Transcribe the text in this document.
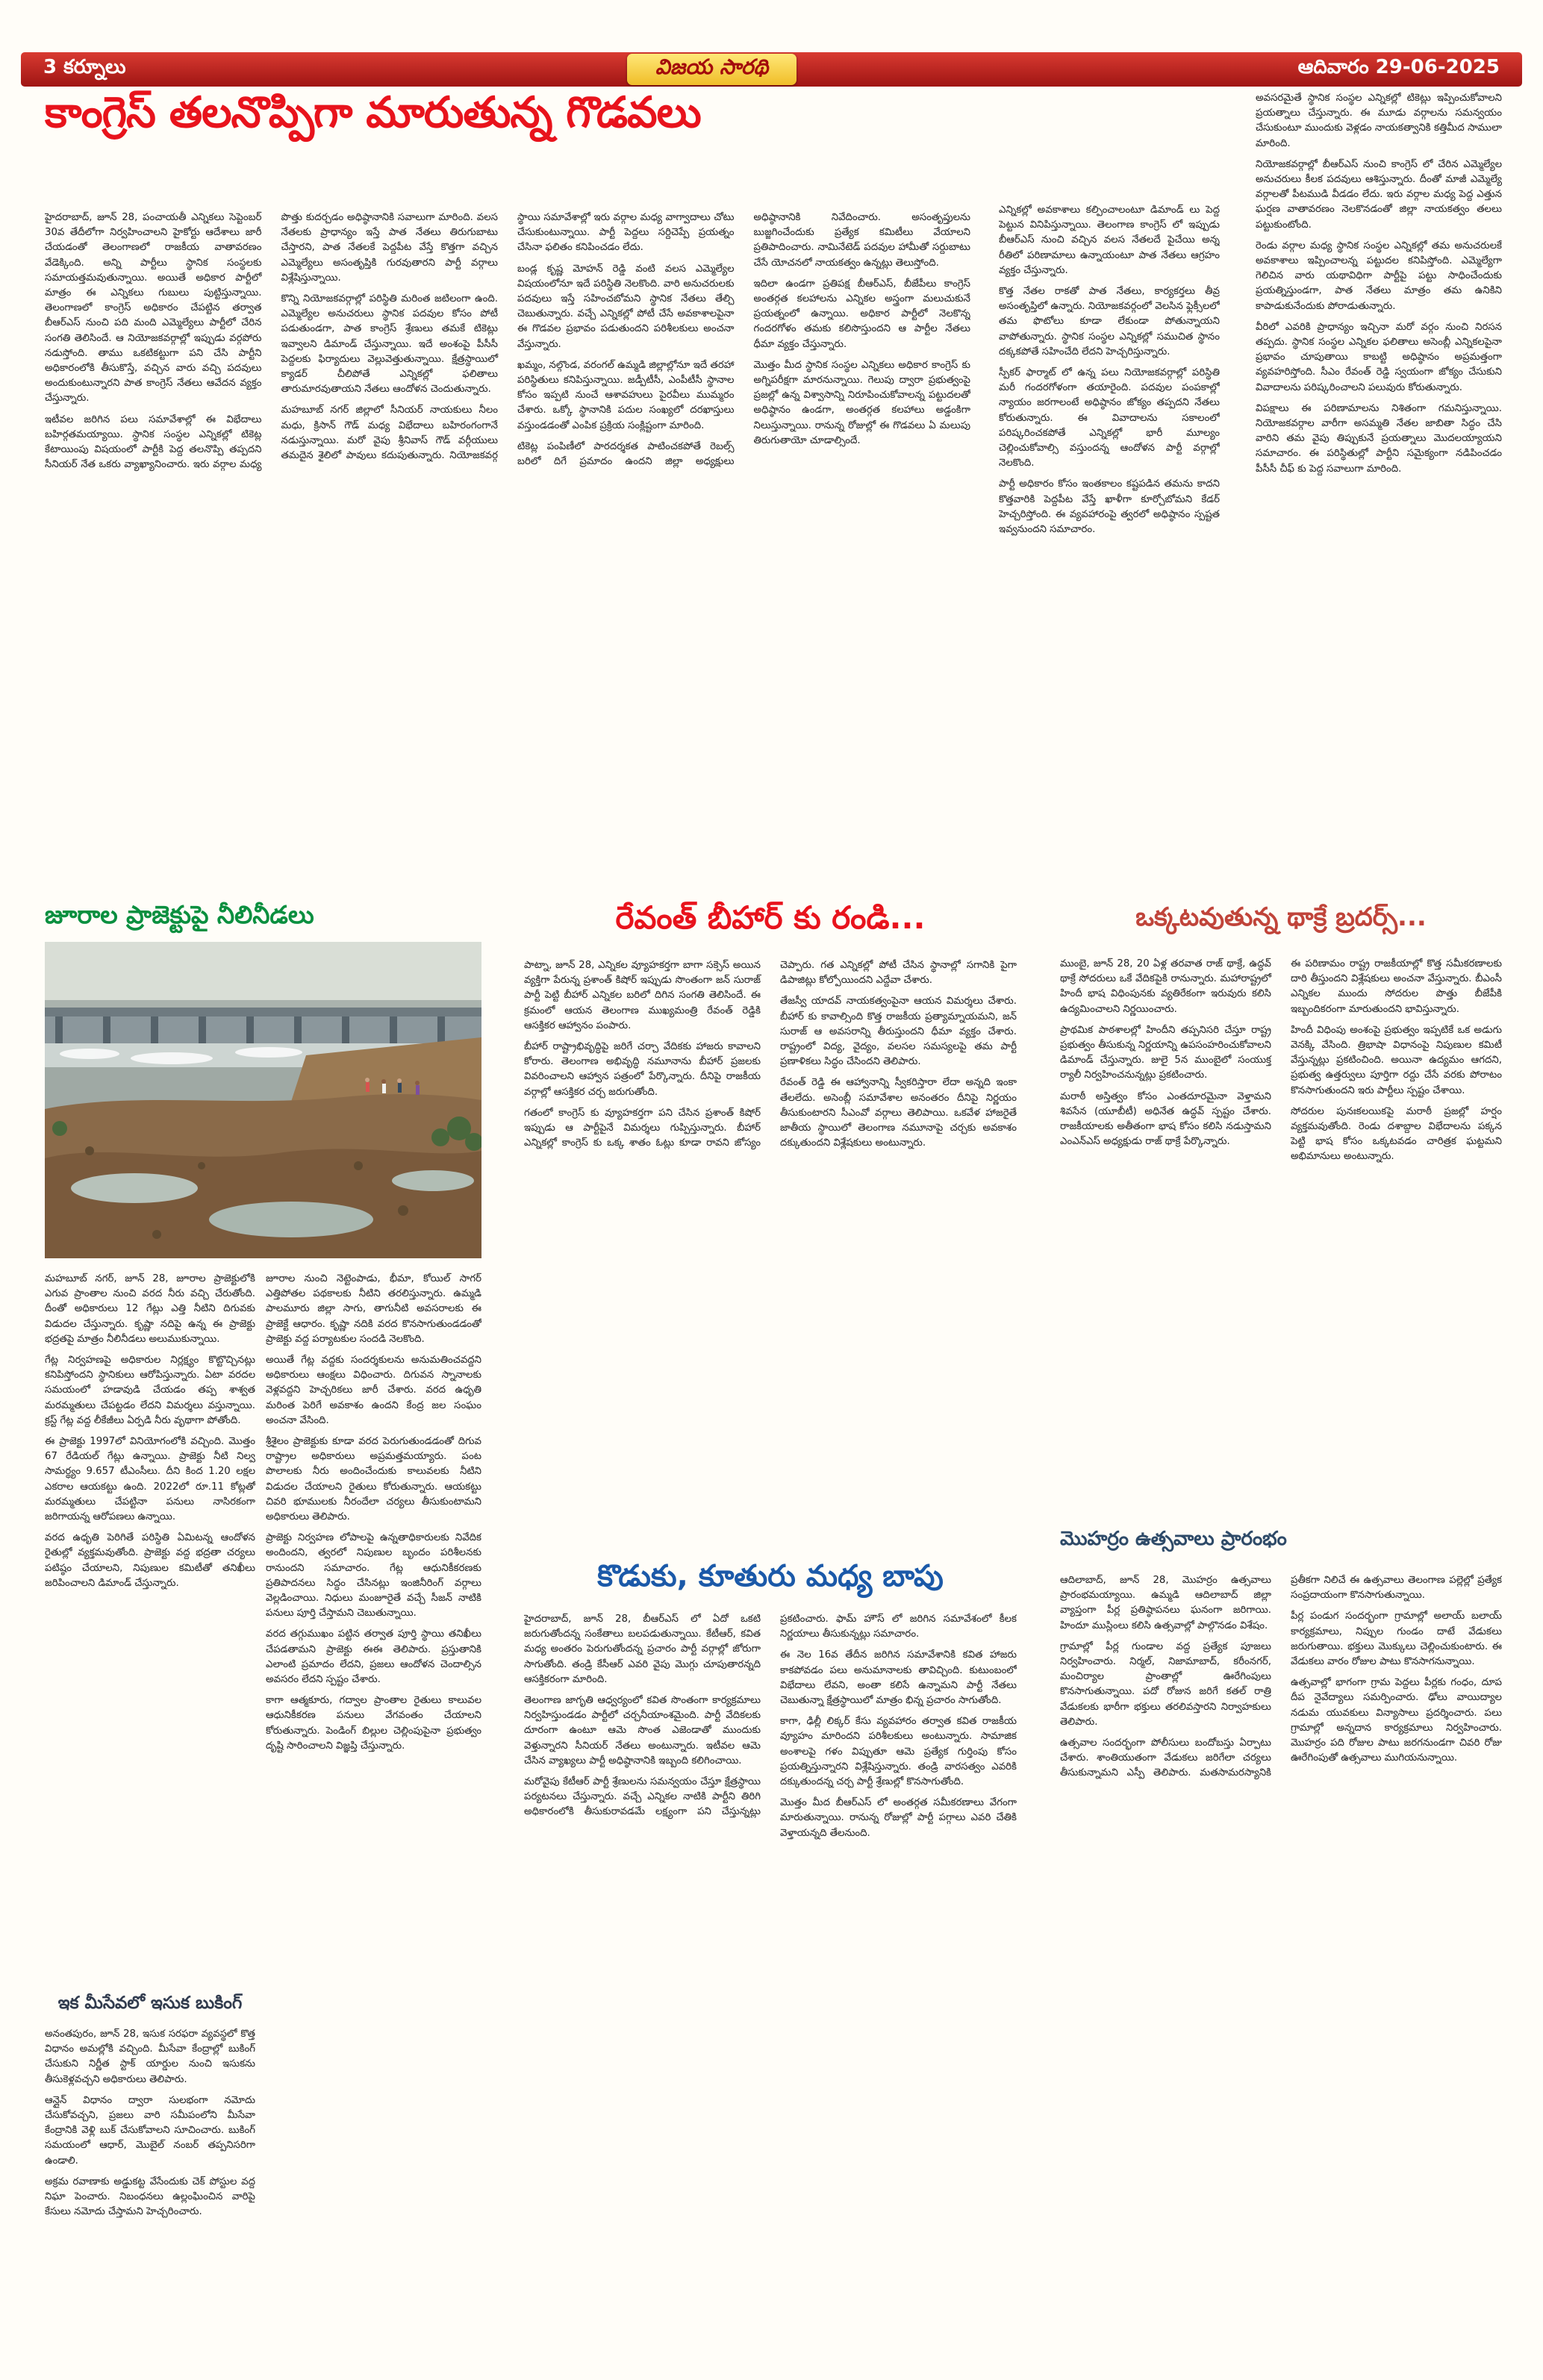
3 కర్నూలు	విజయ సారథి	ఆదివారం 29-06-2025
కాంగ్రెస్ తలనొప్పిగా మారుతున్న గొడవలు

హైదరాబాద్, జూన్ 28, పంచాయతీ ఎన్నికలు సెప్టెంబర్ 30వ తేదీలోగా నిర్వహించాలని హైకోర్టు ఆదేశాలు జారీ చేయడంతో తెలంగాణలో రాజకీయ వాతావరణం వేడెక్కింది. అన్ని పార్టీలు స్థానిక సంస్థలకు సమాయత్తమవుతున్నాయి. అయితే అధికార పార్టీలో మాత్రం ఈ ఎన్నికలు గుబులు పుట్టిస్తున్నాయి. తెలంగాణలో కాంగ్రెస్ అధికారం చేపట్టిన తర్వాత బీఆర్ఎస్ నుంచి పది మంది ఎమ్మెల్యేలు పార్టీలో చేరిన సంగతి తెలిసిందే. ఆ నియోజకవర్గాల్లో ఇప్పుడు వర్గపోరు నడుస్తోంది. తాము ఒకటికట్టుగా పని చేసి పార్టీని అధికారంలోకి తీసుకొస్తే, వచ్చిన వారు వచ్చి పదవులు అందుకుంటున్నారని పాత కాంగ్రెస్ నేతలు ఆవేదన వ్యక్తం చేస్తున్నారు.

ఇటీవల జరిగిన పలు సమావేశాల్లో ఈ విభేదాలు బహిర్గతమయ్యాయి. స్థానిక సంస్థల ఎన్నికల్లో టికెట్ల కేటాయింపు విషయంలో పార్టీకి పెద్ద తలనొప్పి తప్పదని సీనియర్ నేత ఒకరు వ్యాఖ్యానించారు. ఇరు వర్గాల మధ్య పొత్తు కుదర్చడం అధిష్ఠానానికి సవాలుగా మారింది. వలస నేతలకు ప్రాధాన్యం ఇస్తే పాత నేతలు తిరుగుబాటు చేస్తారని, పాత నేతలకే పెద్దపీట వేస్తే కొత్తగా వచ్చిన ఎమ్మెల్యేలు అసంతృప్తికి గురవుతారని పార్టీ వర్గాలు విశ్లేషిస్తున్నాయి.

కొన్ని నియోజకవర్గాల్లో పరిస్థితి మరింత జటిలంగా ఉంది. ఎమ్మెల్యేల అనుచరులు స్థానిక పదవుల కోసం పోటీ పడుతుండగా, పాత కాంగ్రెస్ శ్రేణులు తమకే టికెట్లు ఇవ్వాలని డిమాండ్ చేస్తున్నాయి. ఇదే అంశంపై పీసీసీ పెద్దలకు ఫిర్యాదులు వెల్లువెత్తుతున్నాయి. క్షేత్రస్థాయిలో క్యాడర్ చీలిపోతే ఎన్నికల్లో ఫలితాలు తారుమారవుతాయని నేతలు ఆందోళన చెందుతున్నారు.

మహబూబ్ నగర్ జిల్లాలో సీనియర్ నాయకులు నీలం మధు, క్రిసాన్ గౌడ్ మధ్య విభేదాలు బహిరంగంగానే నడుస్తున్నాయి. మరో వైపు శ్రీనివాస్ గౌడ్ వర్గీయులు తమదైన శైలిలో పావులు కదుపుతున్నారు. నియోజకవర్గ స్థాయి సమావేశాల్లో ఇరు వర్గాల మధ్య వాగ్వాదాలు చోటు చేసుకుంటున్నాయి. పార్టీ పెద్దలు సర్దిచెప్పే ప్రయత్నం చేసినా ఫలితం కనిపించడం లేదు.

బండ్ల కృష్ణ మోహన్ రెడ్డి వంటి వలస ఎమ్మెల్యేల విషయంలోనూ ఇదే పరిస్థితి నెలకొంది. వారి అనుచరులకు పదవులు ఇస్తే సహించబోమని స్థానిక నేతలు తేల్చి చెబుతున్నారు. వచ్చే ఎన్నికల్లో పోటీ చేసే అవకాశాలపైనా ఈ గొడవల ప్రభావం పడుతుందని పరిశీలకులు అంచనా వేస్తున్నారు.

ఖమ్మం, నల్గొండ, వరంగల్ ఉమ్మడి జిల్లాల్లోనూ ఇదే తరహా పరిస్థితులు కనిపిస్తున్నాయి. జడ్పీటీసీ, ఎంపీటీసీ స్థానాల కోసం ఇప్పటి నుంచే ఆశావహులు పైరవీలు ముమ్మరం చేశారు. ఒక్కో స్థానానికి పదుల సంఖ్యలో దరఖాస్తులు వస్తుండడంతో ఎంపిక ప్రక్రియ సంక్లిష్టంగా మారింది.

టికెట్ల పంపిణీలో పారదర్శకత పాటించకపోతే రెబల్స్ బరిలో దిగే ప్రమాదం ఉందని జిల్లా అధ్యక్షులు అధిష్ఠానానికి నివేదించారు. అసంతృప్తులను బుజ్జగించేందుకు ప్రత్యేక కమిటీలు వేయాలని ప్రతిపాదించారు. నామినేటెడ్ పదవుల హామీతో సర్దుబాటు చేసే యోచనలో నాయకత్వం ఉన్నట్లు తెలుస్తోంది.

ఇదిలా ఉండగా ప్రతిపక్ష బీఆర్ఎస్, బీజేపీలు కాంగ్రెస్ అంతర్గత కలహాలను ఎన్నికల అస్త్రంగా మలుచుకునే ప్రయత్నంలో ఉన్నాయి. అధికార పార్టీలో నెలకొన్న గందరగోళం తమకు కలిసొస్తుందని ఆ పార్టీల నేతలు ధీమా వ్యక్తం చేస్తున్నారు.

మొత్తం మీద స్థానిక సంస్థల ఎన్నికలు అధికార కాంగ్రెస్ కు అగ్నిపరీక్షగా మారనున్నాయి. గెలుపు ద్వారా ప్రభుత్వంపై ప్రజల్లో ఉన్న విశ్వాసాన్ని నిరూపించుకోవాలన్న పట్టుదలతో అధిష్ఠానం ఉండగా, అంతర్గత కలహాలు అడ్డంకిగా నిలుస్తున్నాయి. రానున్న రోజుల్లో ఈ గొడవలు ఏ మలుపు తిరుగుతాయో చూడాల్సిందే.

ఎన్నికల్లో అవకాశాలు కల్పించాలంటూ డిమాండ్ లు పెద్ద పెట్టున వినిపిస్తున్నాయి. తెలంగాణ కాంగ్రెస్ లో ఇప్పుడు బీఆర్ఎస్ నుంచి వచ్చిన వలస నేతలదే పైచేయి అన్న రీతిలో పరిణామాలు ఉన్నాయంటూ పాత నేతలు ఆగ్రహం వ్యక్తం చేస్తున్నారు.

కొత్త నేతల రాకతో పాత నేతలు, కార్యకర్తలు తీవ్ర అసంతృప్తిలో ఉన్నారు. నియోజకవర్గంలో వెలసిన ఫ్లెక్సీలలో తమ ఫొటోలు కూడా లేకుండా పోతున్నాయని వాపోతున్నారు. స్థానిక సంస్థల ఎన్నికల్లో సముచిత స్థానం దక్కకపోతే సహించేది లేదని హెచ్చరిస్తున్నారు.

స్పీకర్ ఫార్మాట్ లో ఉన్న పలు నియోజకవర్గాల్లో పరిస్థితి మరీ గందరగోళంగా తయారైంది. పదవుల పంపకాల్లో న్యాయం జరగాలంటే అధిష్ఠానం జోక్యం తప్పదని నేతలు కోరుతున్నారు. ఈ వివాదాలను సకాలంలో పరిష్కరించకపోతే ఎన్నికల్లో భారీ మూల్యం చెల్లించుకోవాల్సి వస్తుందన్న ఆందోళన పార్టీ వర్గాల్లో నెలకొంది.

పార్టీ అధికారం కోసం ఇంతకాలం కష్టపడిన తమను కాదని కొత్తవారికి పెద్దపీట వేస్తే ఖాళీగా కూర్చోబోమని కేడర్ హెచ్చరిస్తోంది. ఈ వ్యవహారంపై త్వరలో అధిష్ఠానం స్పష్టత ఇవ్వనుందని సమాచారం.

అవసరమైతే స్థానిక సంస్థల ఎన్నికల్లో టికెట్లు ఇప్పించుకోవాలని ప్రయత్నాలు చేస్తున్నారు. ఈ మూడు వర్గాలను సమన్వయం చేసుకుంటూ ముందుకు వెళ్లడం నాయకత్వానికి కత్తిమీద సాములా మారింది.

నియోజకవర్గాల్లో బీఆర్ఎస్ నుంచి కాంగ్రెస్ లో చేరిన ఎమ్మెల్యేల అనుచరులు కీలక పదవులు ఆశిస్తున్నారు. దీంతో మాజీ ఎమ్మెల్యే వర్గాలతో పీటముడి వీడడం లేదు. ఇరు వర్గాల మధ్య పెద్ద ఎత్తున ఘర్షణ వాతావరణం నెలకొనడంతో జిల్లా నాయకత్వం తలలు పట్టుకుంటోంది.

రెండు వర్గాల మధ్య స్థానిక సంస్థల ఎన్నికల్లో తమ అనుచరులకే అవకాశాలు ఇప్పించాలన్న పట్టుదల కనిపిస్తోంది. ఎమ్మెల్యేగా గెలిచిన వారు యథావిధిగా పార్టీపై పట్టు సాధించేందుకు ప్రయత్నిస్తుండగా, పాత నేతలు మాత్రం తమ ఉనికిని కాపాడుకునేందుకు పోరాడుతున్నారు.

వీరిలో ఎవరికి ప్రాధాన్యం ఇచ్చినా మరో వర్గం నుంచి నిరసన తప్పదు. స్థానిక సంస్థల ఎన్నికల ఫలితాలు అసెంబ్లీ ఎన్నికలపైనా ప్రభావం చూపుతాయి కాబట్టి అధిష్ఠానం అప్రమత్తంగా వ్యవహరిస్తోంది. సీఎం రేవంత్ రెడ్డి స్వయంగా జోక్యం చేసుకుని వివాదాలను పరిష్కరించాలని పలువురు కోరుతున్నారు.

విపక్షాలు ఈ పరిణామాలను నిశితంగా గమనిస్తున్నాయి. నియోజకవర్గాల వారీగా అసమ్మతి నేతల జాబితా సిద్ధం చేసి వారిని తమ వైపు తిప్పుకునే ప్రయత్నాలు మొదలయ్యాయని సమాచారం. ఈ పరిస్థితుల్లో పార్టీని సమైక్యంగా నడిపించడం పీసీసీ చీఫ్ కు పెద్ద సవాలుగా మారింది.

జూరాల ప్రాజెక్టుపై నీలినీడలు

మహబూబ్ నగర్, జూన్ 28, జూరాల ప్రాజెక్టులోకి ఎగువ ప్రాంతాల నుంచి వరద నీరు వచ్చి చేరుతోంది. దీంతో అధికారులు 12 గేట్లు ఎత్తి నీటిని దిగువకు విడుదల చేస్తున్నారు. కృష్ణా నదిపై ఉన్న ఈ ప్రాజెక్టు భద్రతపై మాత్రం నీలినీడలు అలుముకున్నాయి.

గేట్ల నిర్వహణపై అధికారుల నిర్లక్ష్యం కొట్టొచ్చినట్లు కనిపిస్తోందని స్థానికులు ఆరోపిస్తున్నారు. ఏటా వరదల సమయంలో హడావుడి చేయడం తప్ప శాశ్వత మరమ్మతులు చేపట్టడం లేదని విమర్శలు వస్తున్నాయి. క్రస్ట్ గేట్ల వద్ద లీకేజీలు ఏర్పడి నీరు వృథాగా పోతోంది.

ఈ ప్రాజెక్టు 1997లో వినియోగంలోకి వచ్చింది. మొత్తం 67 రేడియల్ గేట్లు ఉన్నాయి. ప్రాజెక్టు నీటి నిల్వ సామర్థ్యం 9.657 టీఎంసీలు. దీని కింద 1.20 లక్షల ఎకరాల ఆయకట్టు ఉంది. 2022లో రూ.11 కోట్లతో మరమ్మతులు చేపట్టినా పనులు నాసిరకంగా జరిగాయన్న ఆరోపణలు ఉన్నాయి.

వరద ఉధృతి పెరిగితే పరిస్థితి ఏమిటన్న ఆందోళన రైతుల్లో వ్యక్తమవుతోంది. ప్రాజెక్టు వద్ద భద్రతా చర్యలు పటిష్ఠం చేయాలని, నిపుణుల కమిటీతో తనిఖీలు జరిపించాలని డిమాండ్ చేస్తున్నారు.

జూరాల నుంచి నెట్టెంపాడు, భీమా, కోయిల్ సాగర్ ఎత్తిపోతల పథకాలకు నీటిని తరలిస్తున్నారు. ఉమ్మడి పాలమూరు జిల్లా సాగు, తాగునీటి అవసరాలకు ఈ ప్రాజెక్టే ఆధారం. కృష్ణా నదికి వరద కొనసాగుతుండడంతో ప్రాజెక్టు వద్ద పర్యాటకుల సందడి నెలకొంది.

అయితే గేట్ల వద్దకు సందర్శకులను అనుమతించవద్దని అధికారులు ఆంక్షలు విధించారు. దిగువన స్నానాలకు వెళ్లవద్దని హెచ్చరికలు జారీ చేశారు. వరద ఉధృతి మరింత పెరిగే అవకాశం ఉందని కేంద్ర జల సంఘం అంచనా వేసింది.

శ్రీశైలం ప్రాజెక్టుకు కూడా వరద పెరుగుతుండడంతో దిగువ రాష్ట్రాల అధికారులు అప్రమత్తమయ్యారు. పంట పొలాలకు నీరు అందించేందుకు కాలువలకు నీటిని విడుదల చేయాలని రైతులు కోరుతున్నారు. ఆయకట్టు చివరి భూములకు నీరందేలా చర్యలు తీసుకుంటామని అధికారులు తెలిపారు.

ప్రాజెక్టు నిర్వహణ లోపాలపై ఉన్నతాధికారులకు నివేదిక అందిందని, త్వరలో నిపుణుల బృందం పరిశీలనకు రానుందని సమాచారం. గేట్ల ఆధునికీకరణకు ప్రతిపాదనలు సిద్ధం చేసినట్లు ఇంజినీరింగ్ వర్గాలు వెల్లడించాయి. నిధులు మంజూరైతే వచ్చే సీజన్ నాటికి పనులు పూర్తి చేస్తామని చెబుతున్నాయి.

వరద తగ్గుముఖం పట్టిన తర్వాత పూర్తి స్థాయి తనిఖీలు చేపడతామని ప్రాజెక్టు ఈఈ తెలిపారు. ప్రస్తుతానికి ఎలాంటి ప్రమాదం లేదని, ప్రజలు ఆందోళన చెందాల్సిన అవసరం లేదని స్పష్టం చేశారు.

కాగా ఆత్మకూరు, గద్వాల ప్రాంతాల రైతులు కాలువల ఆధునికీకరణ పనులు వేగవంతం చేయాలని కోరుతున్నారు. పెండింగ్ బిల్లుల చెల్లింపుపైనా ప్రభుత్వం దృష్టి సారించాలని విజ్ఞప్తి చేస్తున్నారు.

ఇక మీసేవలో ఇసుక బుకింగ్

అనంతపురం, జూన్ 28, ఇసుక సరఫరా వ్యవస్థలో కొత్త విధానం అమల్లోకి వచ్చింది. మీసేవా కేంద్రాల్లో బుకింగ్ చేసుకుని నిర్ణీత స్టాక్ యార్డుల నుంచి ఇసుకను తీసుకెళ్లవచ్చని అధికారులు తెలిపారు.

ఆన్లైన్ విధానం ద్వారా సులభంగా నమోదు చేసుకోవచ్చని, ప్రజలు వారి సమీపంలోని మీసేవా కేంద్రానికి వెళ్లి బుక్ చేసుకోవాలని సూచించారు. బుకింగ్ సమయంలో ఆధార్, మొబైల్ నంబర్ తప్పనిసరిగా ఉండాలి.

అక్రమ రవాణాకు అడ్డుకట్ట వేసేందుకు చెక్ పోస్టుల వద్ద నిఘా పెంచారు. నిబంధనలు ఉల్లంఘించిన వారిపై కేసులు నమోదు చేస్తామని హెచ్చరించారు.

రేవంత్ బీహార్ కు రండి...

పాట్నా, జూన్ 28, ఎన్నికల వ్యూహకర్తగా బాగా సక్సెస్ అయిన వ్యక్తిగా పేరున్న ప్రశాంత్ కిషోర్ ఇప్పుడు సొంతంగా జన్ సురాజ్ పార్టీ పెట్టి బీహార్ ఎన్నికల బరిలో దిగిన సంగతి తెలిసిందే. ఈ క్రమంలో ఆయన తెలంగాణ ముఖ్యమంత్రి రేవంత్ రెడ్డికి ఆసక్తికర ఆహ్వానం పంపారు.

బీహార్ రాష్ట్రాభివృద్ధిపై జరిగే చర్చా వేదికకు హాజరు కావాలని కోరారు. తెలంగాణ అభివృద్ధి నమూనాను బీహార్ ప్రజలకు వివరించాలని ఆహ్వాన పత్రంలో పేర్కొన్నారు. దీనిపై రాజకీయ వర్గాల్లో ఆసక్తికర చర్చ జరుగుతోంది.

గతంలో కాంగ్రెస్ కు వ్యూహకర్తగా పని చేసిన ప్రశాంత్ కిషోర్ ఇప్పుడు ఆ పార్టీపైనే విమర్శలు గుప్పిస్తున్నారు. బీహార్ ఎన్నికల్లో కాంగ్రెస్ కు ఒక్క శాతం ఓట్లు కూడా రావని జోస్యం చెప్పారు. గత ఎన్నికల్లో పోటీ చేసిన స్థానాల్లో సగానికి పైగా డిపాజిట్లు కోల్పోయిందని ఎద్దేవా చేశారు.

తేజస్వీ యాదవ్ నాయకత్వంపైనా ఆయన విమర్శలు చేశారు. బీహార్ కు కావాల్సింది కొత్త రాజకీయ ప్రత్యామ్నాయమని, జన్ సురాజ్ ఆ అవసరాన్ని తీరుస్తుందని ధీమా వ్యక్తం చేశారు. రాష్ట్రంలో విద్య, వైద్యం, వలసల సమస్యలపై తమ పార్టీ ప్రణాళికలు సిద్ధం చేసిందని తెలిపారు.

రేవంత్ రెడ్డి ఈ ఆహ్వానాన్ని స్వీకరిస్తారా లేదా అన్నది ఇంకా తేలలేదు. అసెంబ్లీ సమావేశాల అనంతరం దీనిపై నిర్ణయం తీసుకుంటారని సీఎంవో వర్గాలు తెలిపాయి. ఒకవేళ హాజరైతే జాతీయ స్థాయిలో తెలంగాణ నమూనాపై చర్చకు అవకాశం దక్కుతుందని విశ్లేషకులు అంటున్నారు.

ఒక్కటవుతున్న థాక్రే బ్రదర్స్...

ముంబై, జూన్ 28, 20 ఏళ్ల తరవాత రాజ్ థాక్రే, ఉద్ధవ్ థాక్రే సోదరులు ఒకే వేదికపైకి రానున్నారు. మహారాష్ట్రలో హిందీ భాష విధింపునకు వ్యతిరేకంగా ఇరువురు కలిసి ఉద్యమించాలని నిర్ణయించారు.

ప్రాథమిక పాఠశాలల్లో హిందీని తప్పనిసరి చేస్తూ రాష్ట్ర ప్రభుత్వం తీసుకున్న నిర్ణయాన్ని ఉపసంహరించుకోవాలని డిమాండ్ చేస్తున్నారు. జులై 5న ముంబైలో సంయుక్త ర్యాలీ నిర్వహించనున్నట్లు ప్రకటించారు.

మరాఠీ అస్తిత్వం కోసం ఎంతదూరమైనా వెళ్తామని శివసేన (యూబీటీ) అధినేత ఉద్ధవ్ స్పష్టం చేశారు. రాజకీయాలకు అతీతంగా భాష కోసం కలిసి నడుస్తామని ఎంఎన్ఎస్ అధ్యక్షుడు రాజ్ థాక్రే పేర్కొన్నారు.

ఈ పరిణామం రాష్ట్ర రాజకీయాల్లో కొత్త సమీకరణాలకు దారి తీస్తుందని విశ్లేషకులు అంచనా వేస్తున్నారు. బీఎంసీ ఎన్నికల ముందు సోదరుల పొత్తు బీజేపీకి ఇబ్బందికరంగా మారుతుందని భావిస్తున్నారు.

హిందీ విధింపు అంశంపై ప్రభుత్వం ఇప్పటికే ఒక అడుగు వెనక్కి వేసింది. త్రిభాషా విధానంపై నిపుణుల కమిటీ వేస్తున్నట్లు ప్రకటించింది. అయినా ఉద్యమం ఆగదని, ప్రభుత్వ ఉత్తర్వులు పూర్తిగా రద్దు చేసే వరకు పోరాటం కొనసాగుతుందని ఇరు పార్టీలు స్పష్టం చేశాయి.

సోదరుల పునఃకలయికపై మరాఠీ ప్రజల్లో హర్షం వ్యక్తమవుతోంది. రెండు దశాబ్దాల విభేదాలను పక్కన పెట్టి భాష కోసం ఒక్కటవడం చారిత్రక ఘట్టమని అభిమానులు అంటున్నారు.

కొడుకు, కూతురు మధ్య బాపు

హైదరాబాద్, జూన్ 28, బీఆర్ఎస్ లో ఏదో ఒకటి జరుగుతోందన్న సంకేతాలు బలపడుతున్నాయి. కేటీఆర్, కవిత మధ్య అంతరం పెరుగుతోందన్న ప్రచారం పార్టీ వర్గాల్లో జోరుగా సాగుతోంది. తండ్రి కేసీఆర్ ఎవరి వైపు మొగ్గు చూపుతారన్నది ఆసక్తికరంగా మారింది.

తెలంగాణ జాగృతి ఆధ్వర్యంలో కవిత సొంతంగా కార్యక్రమాలు నిర్వహిస్తుండడం పార్టీలో చర్చనీయాంశమైంది. పార్టీ వేదికలకు దూరంగా ఉంటూ ఆమె సొంత ఎజెండాతో ముందుకు వెళ్తున్నారని సీనియర్ నేతలు అంటున్నారు. ఇటీవల ఆమె చేసిన వ్యాఖ్యలు పార్టీ అధిష్ఠానానికి ఇబ్బంది కలిగించాయి.

మరోవైపు కేటీఆర్ పార్టీ శ్రేణులను సమన్వయం చేస్తూ క్షేత్రస్థాయి పర్యటనలు చేస్తున్నారు. వచ్చే ఎన్నికల నాటికి పార్టీని తిరిగి అధికారంలోకి తీసుకురావడమే లక్ష్యంగా పని చేస్తున్నట్లు ప్రకటించారు. ఫామ్ హౌస్ లో జరిగిన సమావేశంలో కీలక నిర్ణయాలు తీసుకున్నట్లు సమాచారం.

ఈ నెల 16వ తేదీన జరిగిన సమావేశానికి కవిత హాజరు కాకపోవడం పలు అనుమానాలకు తావిచ్చింది. కుటుంబంలో విభేదాలు లేవని, అంతా కలిసే ఉన్నామని పార్టీ నేతలు చెబుతున్నా క్షేత్రస్థాయిలో మాత్రం భిన్న ప్రచారం సాగుతోంది.

కాగా, ఢిల్లీ లిక్కర్ కేసు వ్యవహారం తర్వాత కవిత రాజకీయ వ్యూహం మారిందని పరిశీలకులు అంటున్నారు. సామాజిక అంశాలపై గళం విప్పుతూ ఆమె ప్రత్యేక గుర్తింపు కోసం ప్రయత్నిస్తున్నారని విశ్లేషిస్తున్నారు. తండ్రి వారసత్వం ఎవరికి దక్కుతుందన్న చర్చ పార్టీ శ్రేణుల్లో కొనసాగుతోంది.

మొత్తం మీద బీఆర్ఎస్ లో అంతర్గత సమీకరణాలు వేగంగా మారుతున్నాయి. రానున్న రోజుల్లో పార్టీ పగ్గాలు ఎవరి చేతికి వెళ్తాయన్నది తేలనుంది.

మొహర్రం ఉత్సవాలు ప్రారంభం

ఆదిలాబాద్, జూన్ 28, మొహర్రం ఉత్సవాలు ప్రారంభమయ్యాయి. ఉమ్మడి ఆదిలాబాద్ జిల్లా వ్యాప్తంగా పీర్ల ప్రతిష్ఠాపనలు ఘనంగా జరిగాయి. హిందూ ముస్లింలు కలిసి ఉత్సవాల్లో పాల్గొనడం విశేషం.

గ్రామాల్లో పీర్ల గుండాల వద్ద ప్రత్యేక పూజలు నిర్వహించారు. నిర్మల్, నిజామాబాద్, కరీంనగర్, మంచిర్యాల ప్రాంతాల్లో ఊరేగింపులు కొనసాగుతున్నాయి. పదో రోజున జరిగే కతల్ రాత్రి వేడుకలకు భారీగా భక్తులు తరలివస్తారని నిర్వాహకులు తెలిపారు.

ఉత్సవాల సందర్భంగా పోలీసులు బందోబస్తు ఏర్పాటు చేశారు. శాంతియుతంగా వేడుకలు జరిగేలా చర్యలు తీసుకున్నామని ఎస్పీ తెలిపారు. మతసామరస్యానికి ప్రతీకగా నిలిచే ఈ ఉత్సవాలు తెలంగాణ పల్లెల్లో ప్రత్యేక సంప్రదాయంగా కొనసాగుతున్నాయి.

పీర్ల పండుగ సందర్భంగా గ్రామాల్లో అలాయ్ బలాయ్ కార్యక్రమాలు, నిప్పుల గుండం దాటే వేడుకలు జరుగుతాయి. భక్తులు మొక్కులు చెల్లించుకుంటారు. ఈ వేడుకలు వారం రోజుల పాటు కొనసాగనున్నాయి.

ఉత్సవాల్లో భాగంగా గ్రామ పెద్దలు పీర్లకు గంధం, దూప దీప నైవేద్యాలు సమర్పించారు. ఢోలు వాయిద్యాల నడుమ యువకులు విన్యాసాలు ప్రదర్శించారు. పలు గ్రామాల్లో అన్నదాన కార్యక్రమాలు నిర్వహించారు. మొహర్రం పది రోజుల పాటు జరగనుండగా చివరి రోజు ఊరేగింపుతో ఉత్సవాలు ముగియనున్నాయి.
